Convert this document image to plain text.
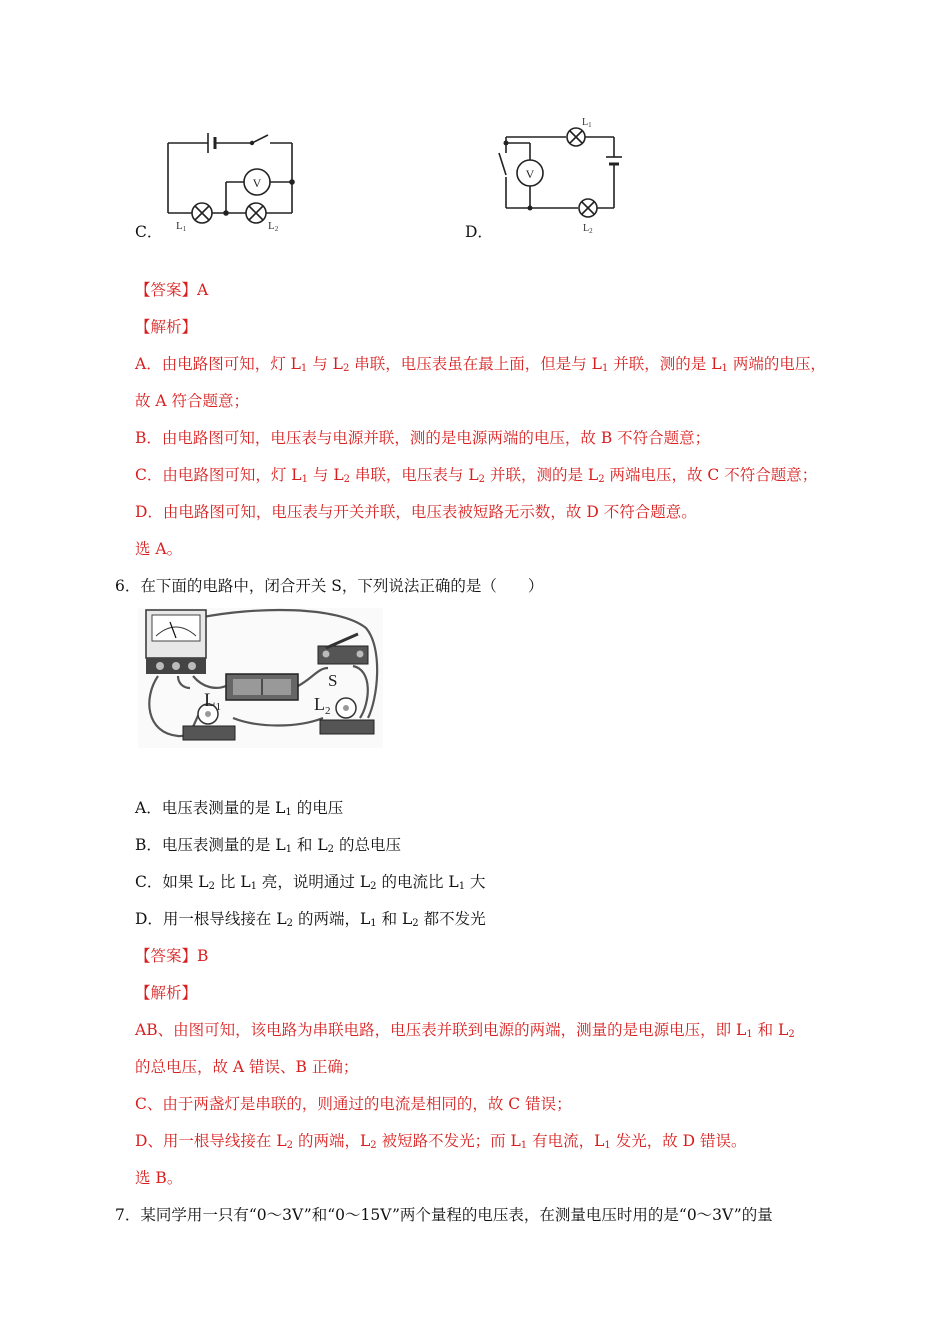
C．
V
L1	L2	D．
V
$L_1$
$L_2$
【答案】A
【解析】
A．由电路图可知，灯 $L_1$ 与 $L_2$ 串联，电压表虽在最上面，但是与 $L_1$ 并联，测的是 $L_1$ 两端的电压，
故 A 符合题意；
B．由电路图可知，电压表与电源并联，测的是电源两端的电压，故 B 不符合题意；
C．由电路图可知，灯 $L_1$ 与 $L_2$ 串联，电压表与 $L_2$ 并联，测的是 $L_2$ 两端电压，故 C 不符合题意；
D．由电路图可知，电压表与开关并联，电压表被短路无示数，故 D 不符合题意。
选 A。
6．在下面的电路中，闭合开关 S，下列说法正确的是（　　）
S
$L_1$	$L_2$
A．电压表测量的是 $L_1$ 的电压
B．电压表测量的是 $L_1$ 和 $L_2$ 的总电压
C．如果 $L_2$ 比 $L_1$ 亮，说明通过 $L_2$ 的电流比 $L_1$ 大
D．用一根导线接在 $L_2$ 的两端，$L_1$ 和 $L_2$ 都不发光
【答案】B
【解析】
AB、由图可知，该电路为串联电路，电压表并联到电源的两端，测量的是电源电压，即 $L_1$ 和 $L_2$
的总电压，故 A 错误、B 正确；
C、由于两盏灯是串联的，则通过的电流是相同的，故 C 错误；
D、用一根导线接在 $L_2$ 的两端，$L_2$ 被短路不发光；而 $L_1$ 有电流，$L_1$ 发光，故 D 错误。
选 B。
7．某同学用一只有“0～3V”和“0～15V”两个量程的电压表，在测量电压时用的是“0～3V”的量
